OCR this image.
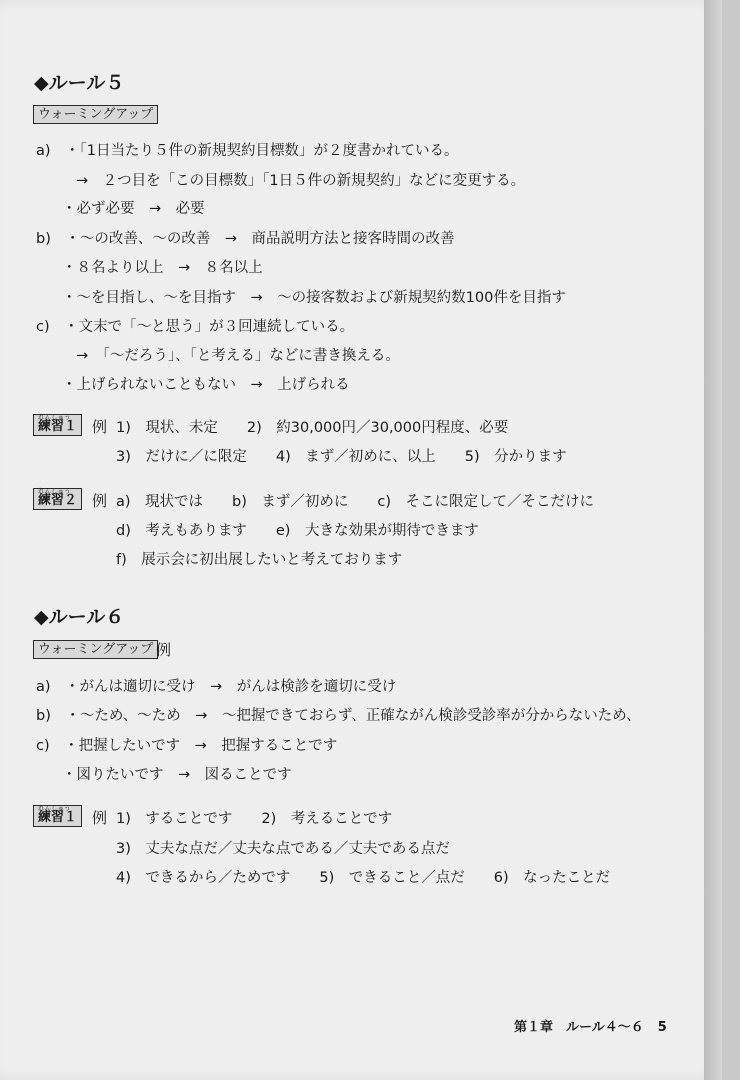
◆ルール５
ウォーミングアップ
a)　・「1日当たり５件の新規契約目標数」が２度書かれている。
→　２つ目を「この目標数」「1日５件の新規契約」などに変更する。
・必ず必要　→　必要
b)　・～の改善、～の改善　→　商品説明方法と接客時間の改善
・８名より以上　→　８名以上
・～を目指し、～を目指す　→　～の接客数および新規契約数100件を目指す
c)　・文末で「～と思う」が３回連続している。
→　「～だろう」、「と考える」などに書き換える。
・上げられないこともない　→　上げられる
れんしゅう
練習１ 例 1)　現状、未定　　2)　約30,000円／30,000円程度、必要
3)　だけに／に限定　　4)　まず／初めに、以上　　5)　分かります
れんしゅう
練習２ 例 a)　現状では　　b)　まず／初めに　　c)　そこに限定して／そこだけに
d)　考えもあります　　e)　大きな効果が期待できます
f)　展示会に初出展したいと考えております
◆ルール６
ウォーミングアップ 例
a)　・がんは適切に受け　→　がんは検診を適切に受け
b)　・～ため、～ため　→　～把握できておらず、正確ながん検診受診率が分からないため、
c)　・把握したいです　→　把握することです
・図りたいです　→　図ることです
れんしゅう
練習１ 例 1)　することです　　2)　考えることです
3)　丈夫な点だ／丈夫な点である／丈夫である点だ
4)　できるから／ためです　　5)　できること／点だ　　6)　なったことだ
第１章　ルール４～６ 5
